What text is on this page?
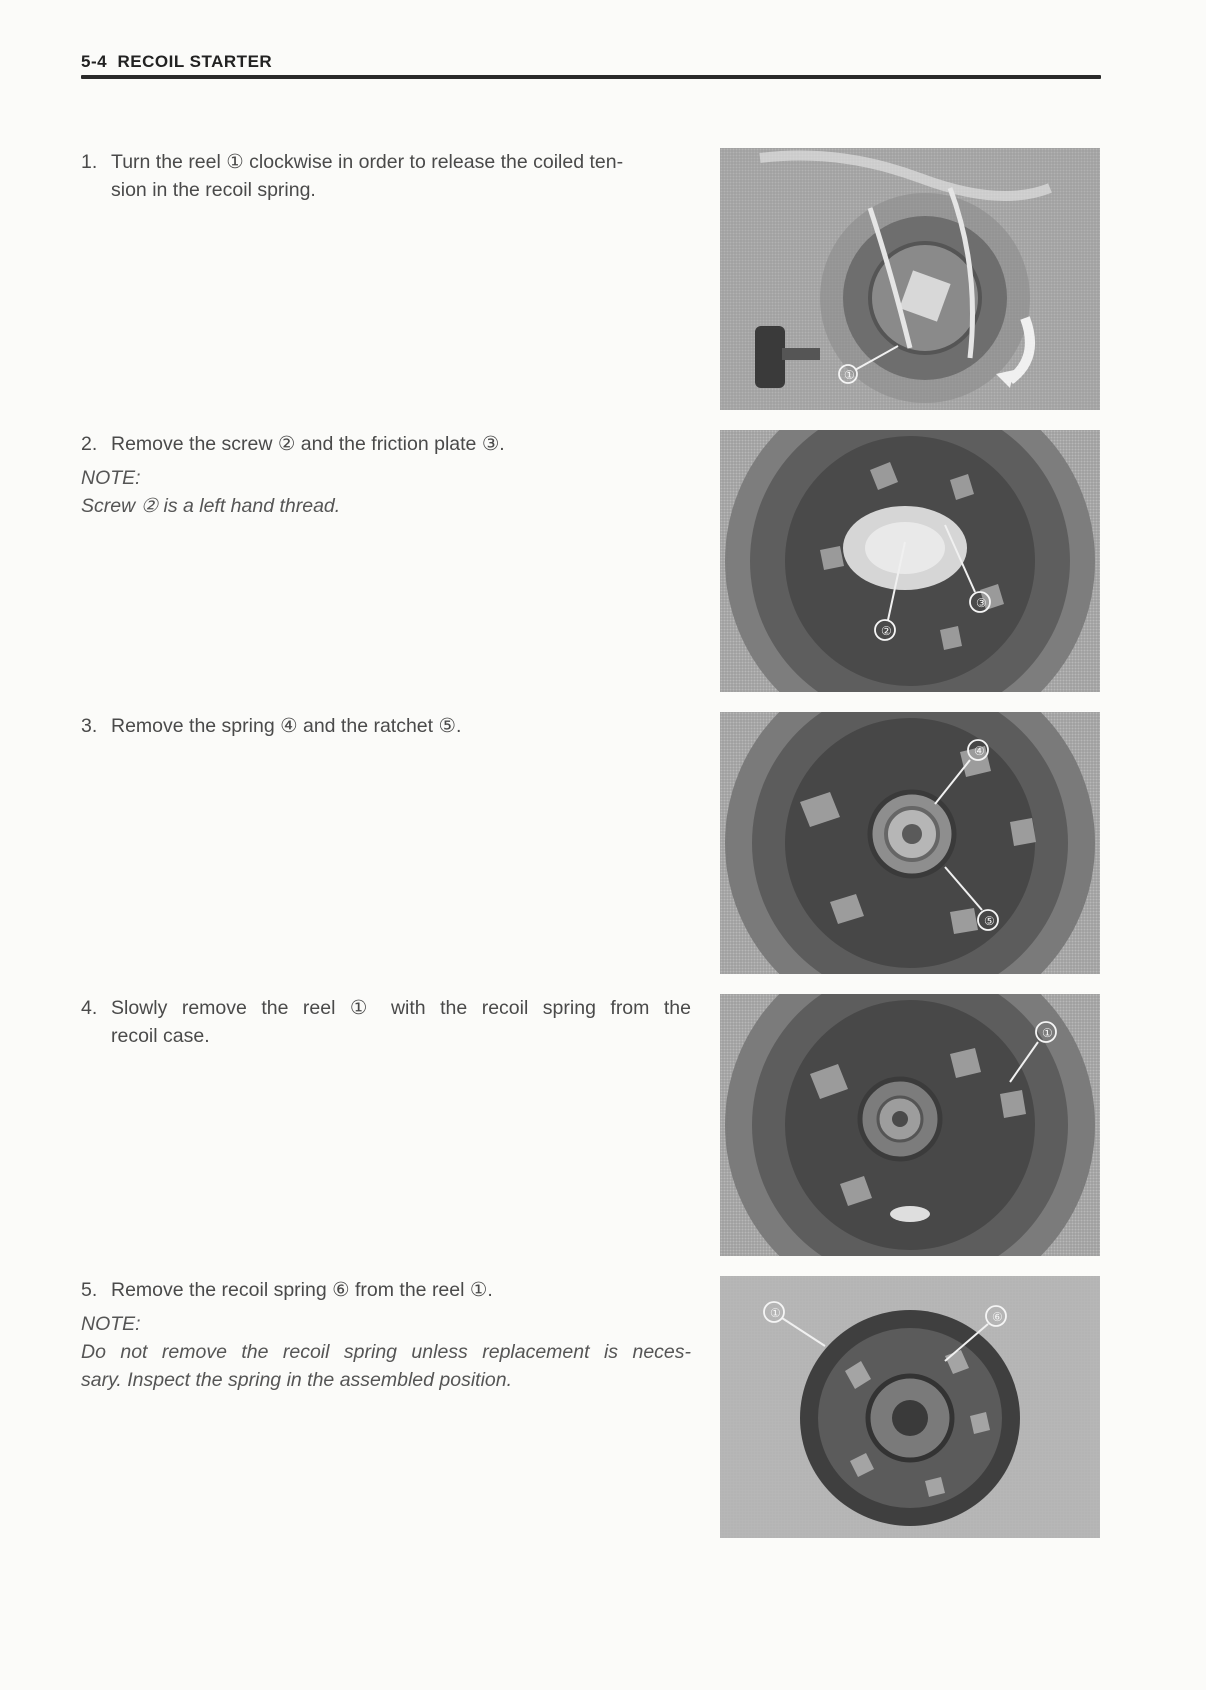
5-4 RECOIL STARTER
1. Turn the reel ① clockwise in order to release the coiled ten-
sion in the recoil spring.
2. Remove the screw ② and the friction plate ③.
NOTE:
Screw ② is a left hand thread.
3. Remove the spring ④ and the ratchet ⑤.
4. Slowly remove the reel ① with the recoil spring from the
recoil case.
5. Remove the recoil spring ⑥ from the reel ①.
NOTE:
Do not remove the recoil spring unless replacement is neces-
sary. Inspect the spring in the assembled position.
①
②
③
④
⑤
①
①	⑥
